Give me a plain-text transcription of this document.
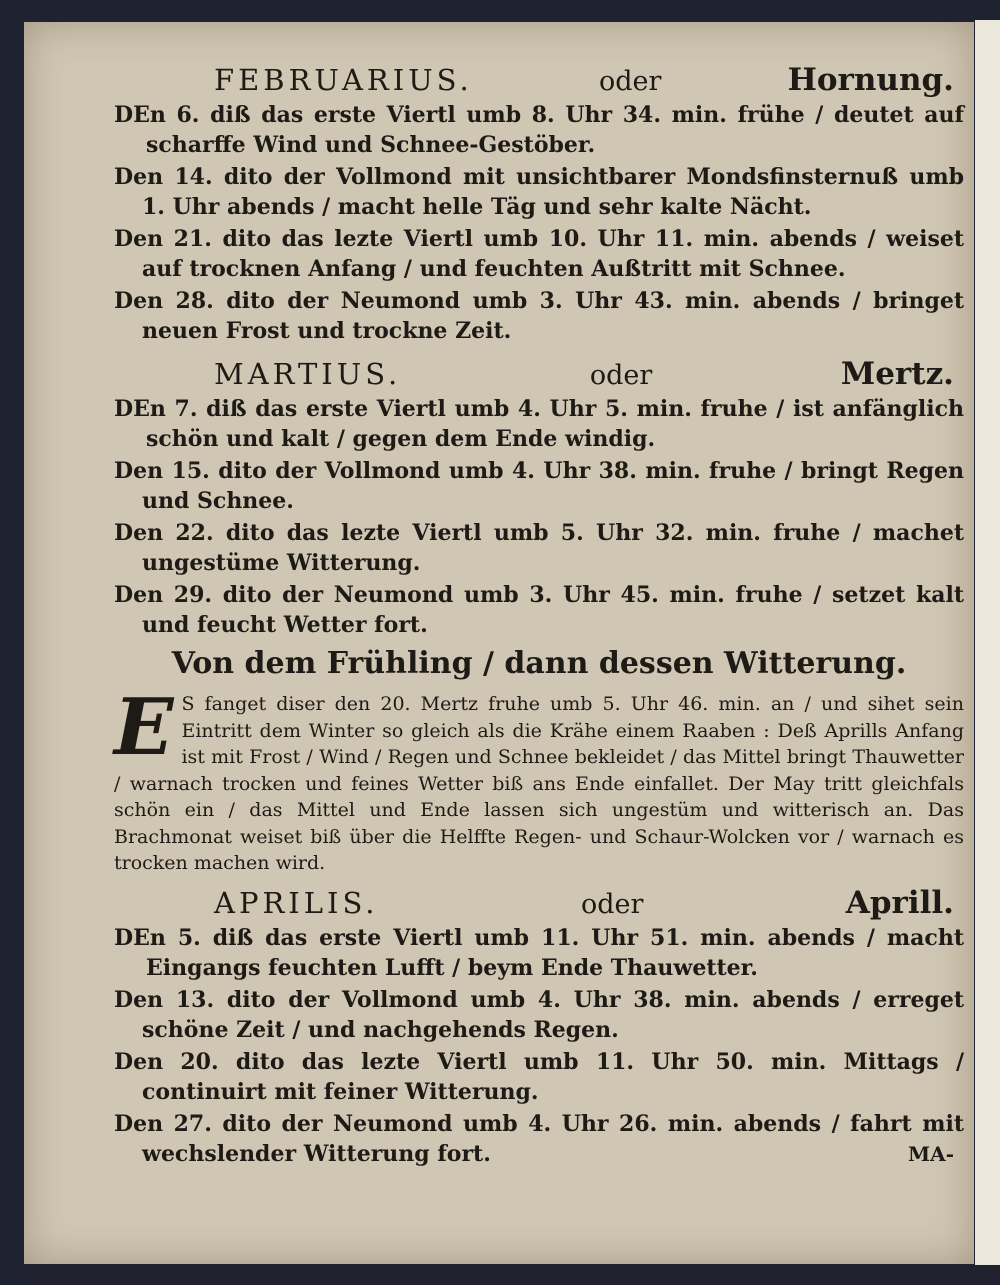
FEBRUARIUS.	oder	Hornung.

DEn 6. diß das erste Viertl umb 8. Uhr 34. min. frühe / deutet auf scharffe Wind und Schnee-Gestöber.

Den 14. dito der Vollmond mit unsichtbarer Mondsfinsternuß umb 1. Uhr abends / macht helle Täg und sehr kalte Nächt.

Den 21. dito das lezte Viertl umb 10. Uhr 11. min. abends / weiset auf trocknen Anfang / und feuchten Außtritt mit Schnee.

Den 28. dito der Neumond umb 3. Uhr 43. min. abends / bringet neuen Frost und trockne Zeit.

MARTIUS.	oder	Mertz.

DEn 7. diß das erste Viertl umb 4. Uhr 5. min. fruhe / ist anfänglich schön und kalt / gegen dem Ende windig.

Den 15. dito der Vollmond umb 4. Uhr 38. min. fruhe / bringt Regen und Schnee.

Den 22. dito das lezte Viertl umb 5. Uhr 32. min. fruhe / machet ungestüme Witterung.

Den 29. dito der Neumond umb 3. Uhr 45. min. fruhe / setzet kalt und feucht Wetter fort.

Von dem Frühling / dann dessen Witterung.
E S fanget diser den 20. Mertz fruhe umb 5. Uhr 46. min. an / und sihet sein Eintritt dem Winter so gleich als die Krähe einem Raaben : Deß Aprills Anfang ist mit Frost / Wind / Regen und Schnee bekleidet / das Mittel bringt Thauwetter / warnach trocken und feines Wetter biß ans Ende einfallet. Der May tritt gleichfals schön ein / das Mittel und Ende lassen sich ungestüm und witterisch an. Das Brachmonat weiset biß über die Helffte Regen- und Schaur-Wolcken vor / warnach es trocken machen wird.
APRILIS.	oder	Aprill.

DEn 5. diß das erste Viertl umb 11. Uhr 51. min. abends / macht Eingangs feuchten Lufft / beym Ende Thauwetter.

Den 13. dito der Vollmond umb 4. Uhr 38. min. abends / erreget schöne Zeit / und nachgehends Regen.

Den 20. dito das lezte Viertl umb 11. Uhr 50. min. Mittags / continuirt mit feiner Witterung.

Den 27. dito der Neumond umb 4. Uhr 26. min. abends / fahrt mit wechslender Witterung fort.	MA-
